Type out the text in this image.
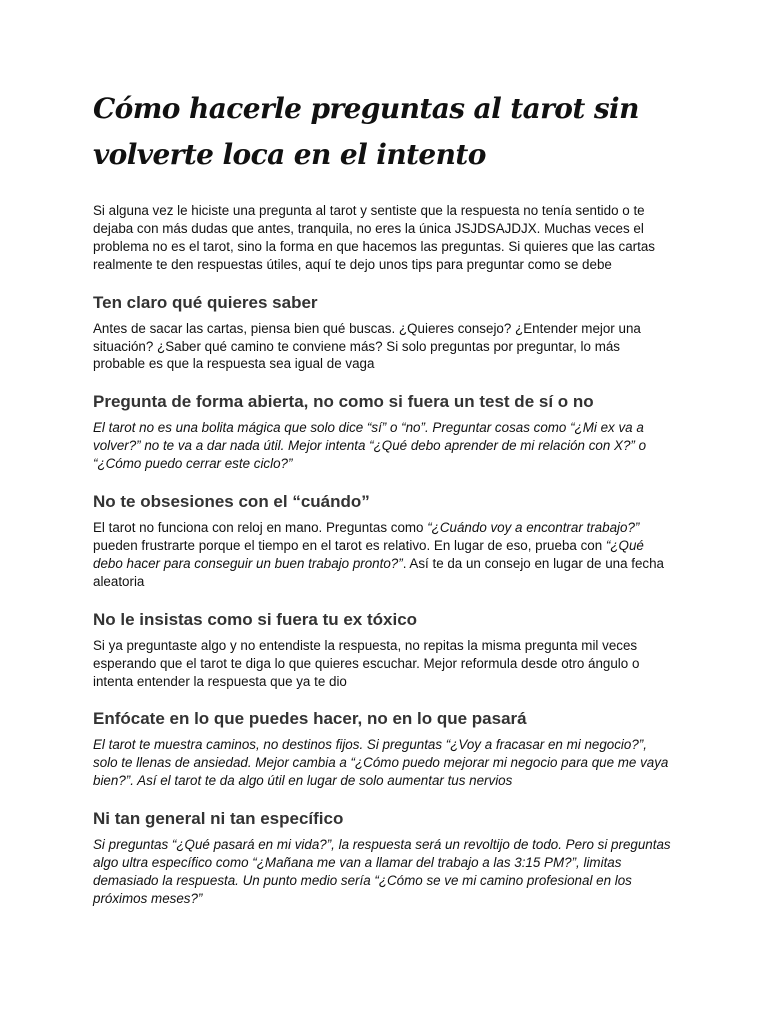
Cómo hacerle preguntas al tarot sin volverte loca en el intento

Si alguna vez le hiciste una pregunta al tarot y sentiste que la respuesta no tenía sentido o te dejaba con más dudas que antes, tranquila, no eres la única JSJDSAJDJX. Muchas veces el problema no es el tarot, sino la forma en que hacemos las preguntas. Si quieres que las cartas realmente te den respuestas útiles, aquí te dejo unos tips para preguntar como se debe

Ten claro qué quieres saber

Antes de sacar las cartas, piensa bien qué buscas. ¿Quieres consejo? ¿Entender mejor una situación? ¿Saber qué camino te conviene más? Si solo preguntas por preguntar, lo más probable es que la respuesta sea igual de vaga

Pregunta de forma abierta, no como si fuera un test de sí o no

El tarot no es una bolita mágica que solo dice “sí” o “no”. Preguntar cosas como “¿Mi ex va a volver?” no te va a dar nada útil. Mejor intenta “¿Qué debo aprender de mi relación con X?” o “¿Cómo puedo cerrar este ciclo?”

No te obsesiones con el “cuándo”

El tarot no funciona con reloj en mano. Preguntas como “¿Cuándo voy a encontrar trabajo?” pueden frustrarte porque el tiempo en el tarot es relativo. En lugar de eso, prueba con “¿Qué debo hacer para conseguir un buen trabajo pronto?”. Así te da un consejo en lugar de una fecha aleatoria

No le insistas como si fuera tu ex tóxico

Si ya preguntaste algo y no entendiste la respuesta, no repitas la misma pregunta mil veces esperando que el tarot te diga lo que quieres escuchar. Mejor reformula desde otro ángulo o intenta entender la respuesta que ya te dio

Enfócate en lo que puedes hacer, no en lo que pasará

El tarot te muestra caminos, no destinos fijos. Si preguntas “¿Voy a fracasar en mi negocio?”, solo te llenas de ansiedad. Mejor cambia a “¿Cómo puedo mejorar mi negocio para que me vaya bien?”. Así el tarot te da algo útil en lugar de solo aumentar tus nervios

Ni tan general ni tan específico

Si preguntas “¿Qué pasará en mi vida?”, la respuesta será un revoltijo de todo. Pero si preguntas algo ultra específico como “¿Mañana me van a llamar del trabajo a las 3:15 PM?”, limitas demasiado la respuesta. Un punto medio sería “¿Cómo se ve mi camino profesional en los próximos meses?”
